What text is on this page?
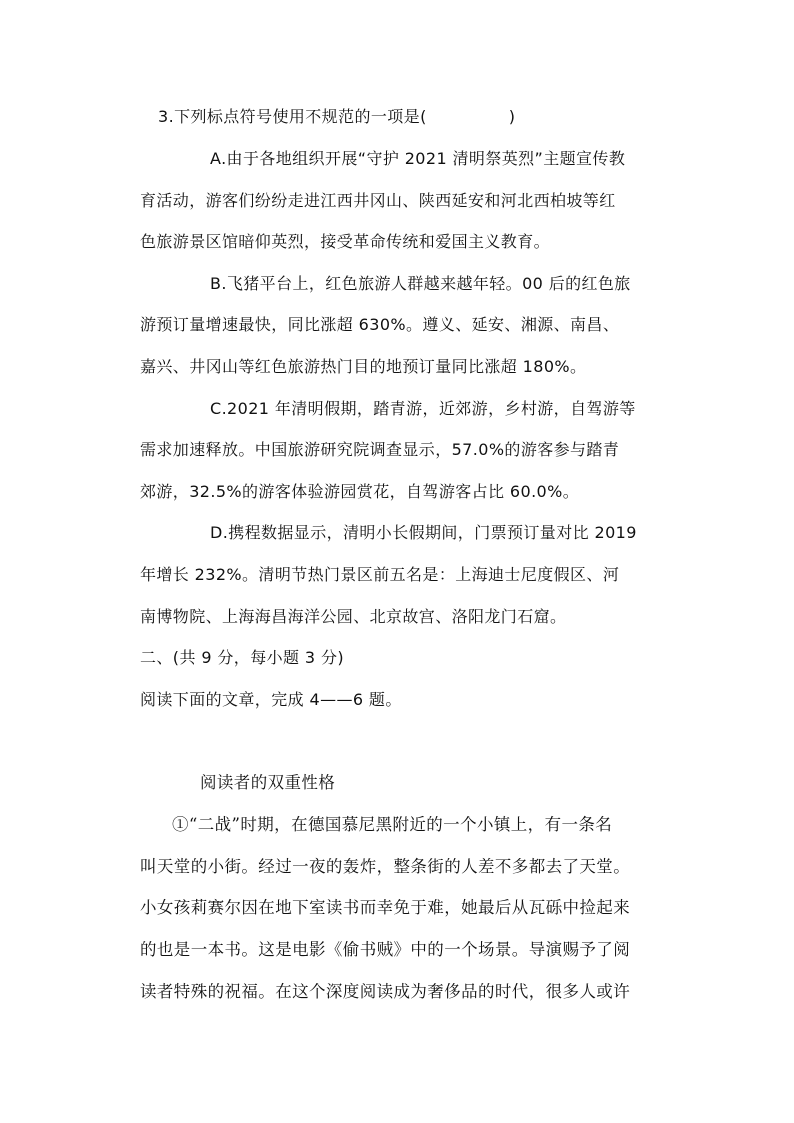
3.下列标点符号使用不规范的一项是(　　　　　)

A.由于各地组织开展“守护 2021 清明祭英烈”主题宣传教

育活动，游客们纷纷走进江西井冈山、陕西延安和河北西柏坡等红

色旅游景区馆暗仰英烈，接受革命传统和爱国主义教育。

B.飞猪平台上，红色旅游人群越来越年轻。00 后的红色旅

游预订量增速最快，同比涨超 630%。遵义、延安、湘源、南昌、

嘉兴、井冈山等红色旅游热门目的地预订量同比涨超 180%。

C.2021 年清明假期，踏青游，近郊游，乡村游，自驾游等

需求加速释放。中国旅游研究院调查显示，57.0%的游客参与踏青

郊游，32.5%的游客体验游园赏花，自驾游客占比 60.0%。

D.携程数据显示，清明小长假期间，门票预订量对比 2019

年增长 232%。清明节热门景区前五名是：上海迪士尼度假区、河

南博物院、上海海昌海洋公园、北京故宫、洛阳龙门石窟。

二、(共 9 分，每小题 3 分)

阅读下面的文章，完成 4——6 题。

阅读者的双重性格

①“二战”时期，在德国慕尼黑附近的一个小镇上，有一条名

叫天堂的小街。经过一夜的轰炸，整条街的人差不多都去了天堂。

小女孩莉赛尔因在地下室读书而幸免于难，她最后从瓦砾中捡起来

的也是一本书。这是电影《偷书贼》中的一个场景。导演赐予了阅

读者特殊的祝福。在这个深度阅读成为奢侈品的时代，很多人或许
